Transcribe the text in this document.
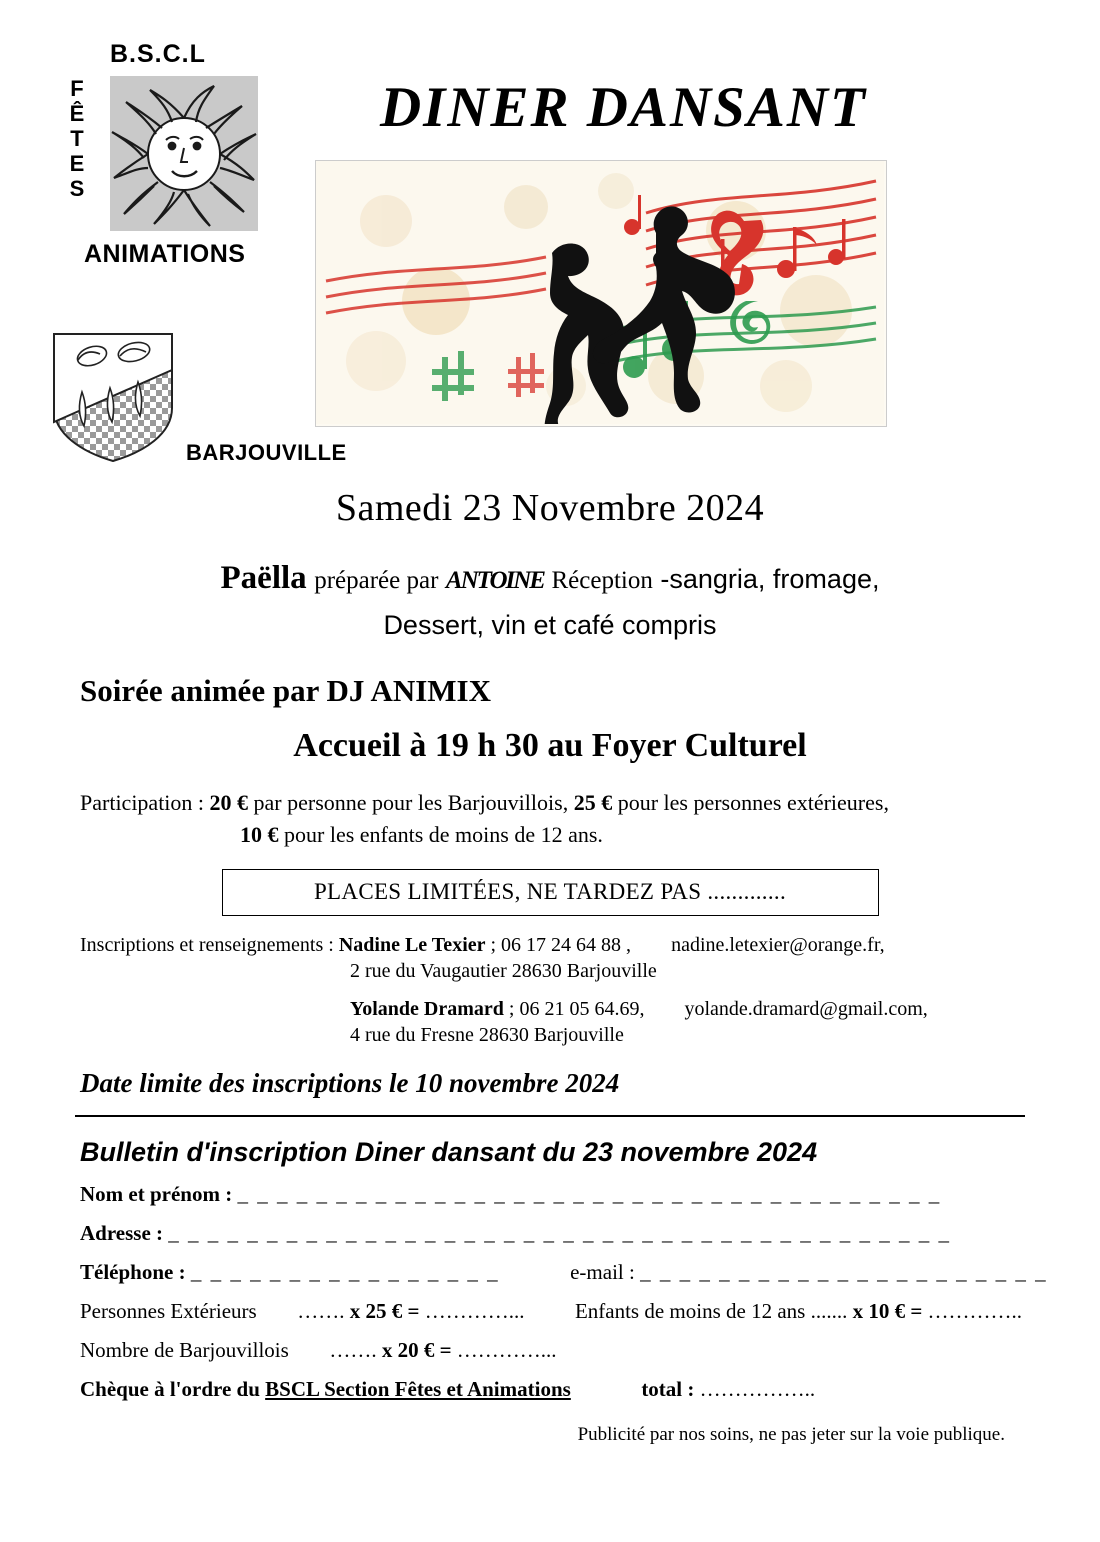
B.S.C.L
F
Ê
T
E
S
ANIMATIONS
BARJOUVILLE
DINER DANSANT
Samedi 23 Novembre 2024
Paëlla préparée par ANTOINE Réception -sangria, fromage,
Dessert, vin et café compris
Soirée animée par DJ ANIMIX
Accueil à 19 h 30 au Foyer Culturel
Participation : 20 € par personne pour les Barjouvillois, 25 € pour les personnes extérieures,
10 € pour les enfants de moins de 12 ans.
PLACES LIMITÉES, NE TARDEZ PAS .............
Inscriptions et renseignements : Nadine Le Texier ; 06 17 24 64 88 , nadine.letexier@orange.fr,
2 rue du Vaugautier 28630 Barjouville
Yolande Dramard ; 06 21 05 64.69, yolande.dramard@gmail.com,
4 rue du Fresne 28630 Barjouville
Date limite des inscriptions le 10 novembre 2024
Bulletin d'inscription Diner dansant du 23 novembre 2024
Nom et prénom : _ _ _ _ _ _ _ _ _ _ _ _ _ _ _ _ _ _ _ _ _ _ _ _ _ _ _ _ _ _ _ _ _ _ _ _
Adresse : _ _ _ _ _ _ _ _ _ _ _ _ _ _ _ _ _ _ _ _ _ _ _ _ _ _ _ _ _ _ _ _ _ _ _ _ _ _ _ _
Téléphone : _ _ _ _ _ _ _ _ _ _ _ _ _ _ _ _	e-mail : _ _ _ _ _ _ _ _ _ _ _ _ _ _ _ _ _ _ _ _ _
Personnes Extérieurs ……. x 25 € = …………... Enfants de moins de 12 ans ....... x 10 € = …………..
Nombre de Barjouvillois ……. x 20 € = …………...
Chèque à l'ordre du BSCL Section Fêtes et Animations	total : ……………..
Publicité par nos soins, ne pas jeter sur la voie publique.
